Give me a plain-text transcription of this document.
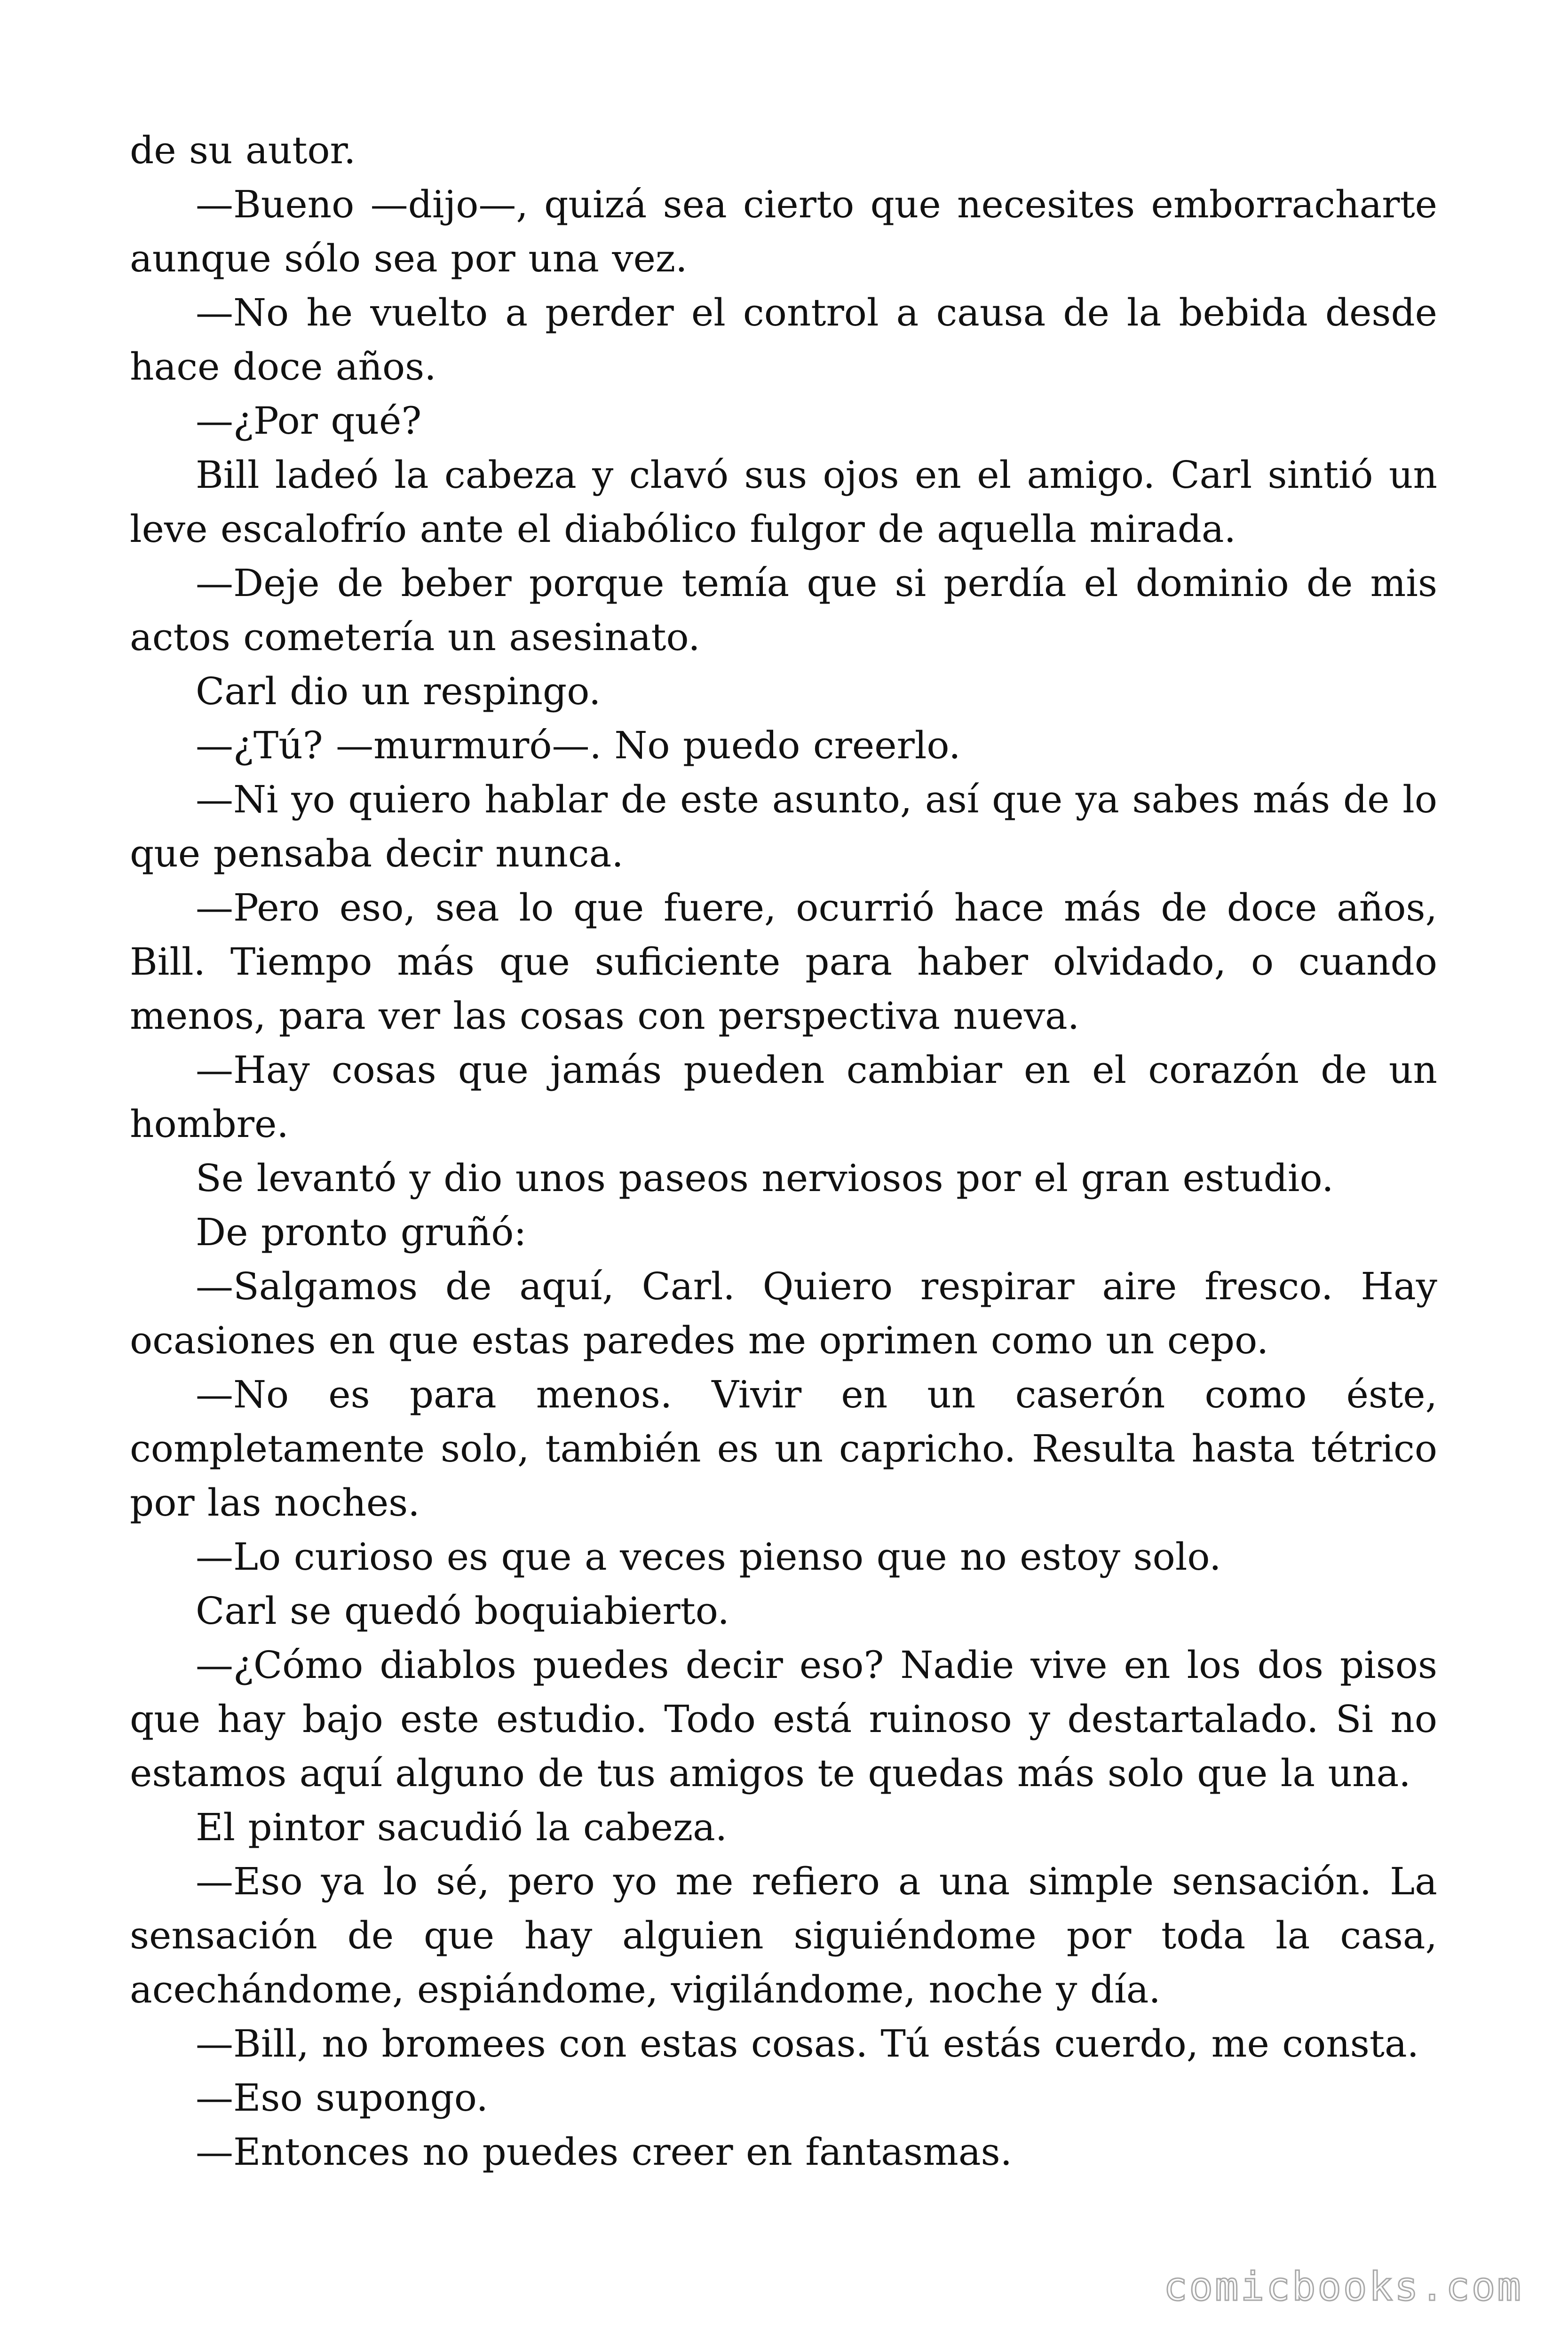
de su autor.

—Bueno —dijo—, quizá sea cierto que necesites emborracharte aunque sólo sea por una vez.

—No he vuelto a perder el control a causa de la bebida desde hace doce años.

—¿Por qué?

Bill ladeó la cabeza y clavó sus ojos en el amigo. Carl sintió un leve escalofrío ante el diabólico fulgor de aquella mirada.

—Deje de beber porque temía que si perdía el dominio de mis actos cometería un asesinato.

Carl dio un respingo.

—¿Tú? —murmuró—. No puedo creerlo.

—Ni yo quiero hablar de este asunto, así que ya sabes más de lo que pensaba decir nunca.

—Pero eso, sea lo que fuere, ocurrió hace más de doce años, Bill. Tiempo más que suficiente para haber olvidado, o cuando menos, para ver las cosas con perspectiva nueva.

—Hay cosas que jamás pueden cambiar en el corazón de un hombre.

Se levantó y dio unos paseos nerviosos por el gran estudio.

De pronto gruñó:

—Salgamos de aquí, Carl. Quiero respirar aire fresco. Hay ocasiones en que estas paredes me oprimen como un cepo.

—No es para menos. Vivir en un caserón como éste, completamente solo, también es un capricho. Resulta hasta tétrico por las noches.

—Lo curioso es que a veces pienso que no estoy solo.

Carl se quedó boquiabierto.

—¿Cómo diablos puedes decir eso? Nadie vive en los dos pisos que hay bajo este estudio. Todo está ruinoso y destartalado. Si no estamos aquí alguno de tus amigos te quedas más solo que la una.

El pintor sacudió la cabeza.

—Eso ya lo sé, pero yo me refiero a una simple sensación. La sensación de que hay alguien siguiéndome por toda la casa, acechándome, espiándome, vigilándome, noche y día.

—Bill, no bromees con estas cosas. Tú estás cuerdo, me consta.

—Eso supongo.

—Entonces no puedes creer en fantasmas.

comicbooks.com
